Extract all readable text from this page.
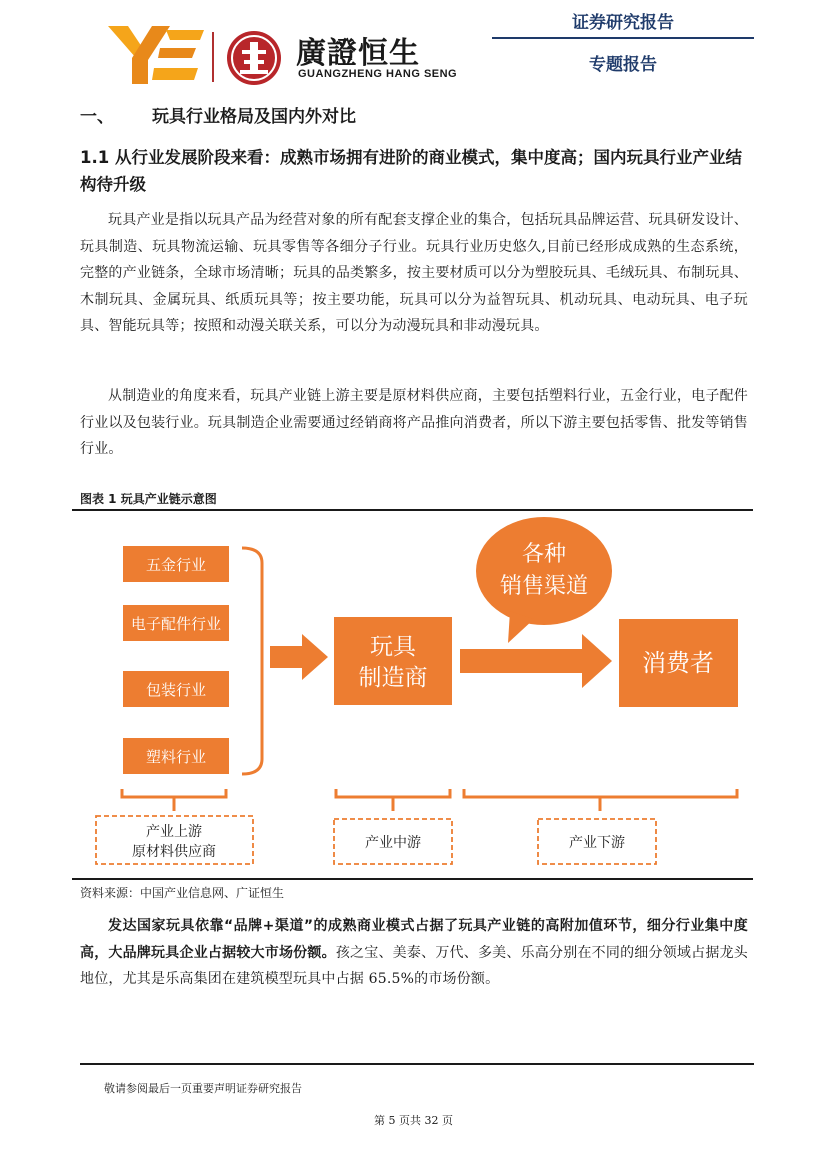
廣證恒生
GUANGZHENG HANG SENG
证券研究报告
专题报告
一、 玩具行业格局及国内外对比
1.1 从行业发展阶段来看：成熟市场拥有进阶的商业模式，集中度高；国内玩具行业产业结构待升级
玩具产业是指以玩具产品为经营对象的所有配套支撑企业的集合，包括玩具品牌运营、玩具研发设计、玩具制造、玩具物流运输、玩具零售等各细分子行业。玩具行业历史悠久,目前已经形成成熟的生态系统，完整的产业链条，全球市场清晰；玩具的品类繁多，按主要材质可以分为塑胶玩具、毛绒玩具、布制玩具、木制玩具、金属玩具、纸质玩具等；按主要功能，玩具可以分为益智玩具、机动玩具、电动玩具、电子玩具、智能玩具等；按照和动漫关联关系，可以分为动漫玩具和非动漫玩具。
从制造业的角度来看，玩具产业链上游主要是原材料供应商，主要包括塑料行业，五金行业，电子配件行业以及包装行业。玩具制造企业需要通过经销商将产品推向消费者，所以下游主要包括零售、批发等销售行业。
图表 1 玩具产业链示意图
五金行业
电子配件行业
包装行业
塑料行业
玩具
制造商
各种
销售渠道
消费者
产业上游
原材料供应商
产业中游	产业下游
资料来源：中国产业信息网、广证恒生
发达国家玩具依靠“品牌+渠道”的成熟商业模式占据了玩具产业链的高附加值环节，细分行业集中度高，大品牌玩具企业占据较大市场份额。孩之宝、美泰、万代、多美、乐高分别在不同的细分领域占据龙头地位，尤其是乐高集团在建筑模型玩具中占据 65.5%的市场份额。
敬请参阅最后一页重要声明证券研究报告
第 5 页共 32 页
